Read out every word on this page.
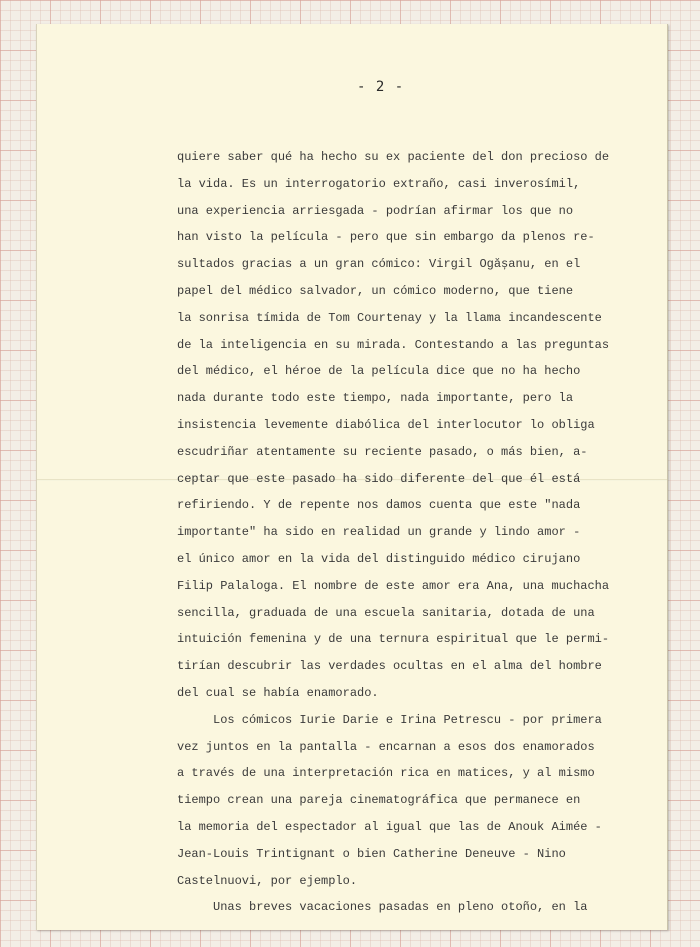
- 2 -
quiere saber qué ha hecho su ex paciente del don precioso de
la vida. Es un interrogatorio extraño, casi inverosímil,
una experiencia arriesgada - podrían afirmar los que no
han visto la película - pero que sin embargo da plenos re-
sultados gracias a un gran cómico: Virgil Ogășanu, en el
papel del médico salvador, un cómico moderno, que tiene
la sonrisa tímida de Tom Courtenay y la llama incandescente
de la inteligencia en su mirada. Contestando a las preguntas
del médico, el héroe de la película dice que no ha hecho
nada durante todo este tiempo, nada importante, pero la
insistencia levemente diabólica del interlocutor lo obliga
escudriñar atentamente su reciente pasado, o más bien, a-
ceptar que este pasado ha sido diferente del que él está
refiriendo. Y de repente nos damos cuenta que este "nada
importante" ha sido en realidad un grande y lindo amor -
el único amor en la vida del distinguido médico cirujano
Filip Palaloga. El nombre de este amor era Ana, una muchacha
sencilla, graduada de una escuela sanitaria, dotada de una
intuición femenina y de una ternura espiritual que le permi-
tirían descubrir las verdades ocultas en el alma del hombre
del cual se había enamorado.
Los cómicos Iurie Darie e Irina Petrescu - por primera
vez juntos en la pantalla - encarnan a esos dos enamorados
a través de una interpretación rica en matices, y al mismo
tiempo crean una pareja cinematográfica que permanece en
la memoria del espectador al igual que las de Anouk Aimée -
Jean-Louis Trintignant o bien Catherine Deneuve - Nino
Castelnuovi, por ejemplo.
Unas breves vacaciones pasadas en pleno otoño, en la
